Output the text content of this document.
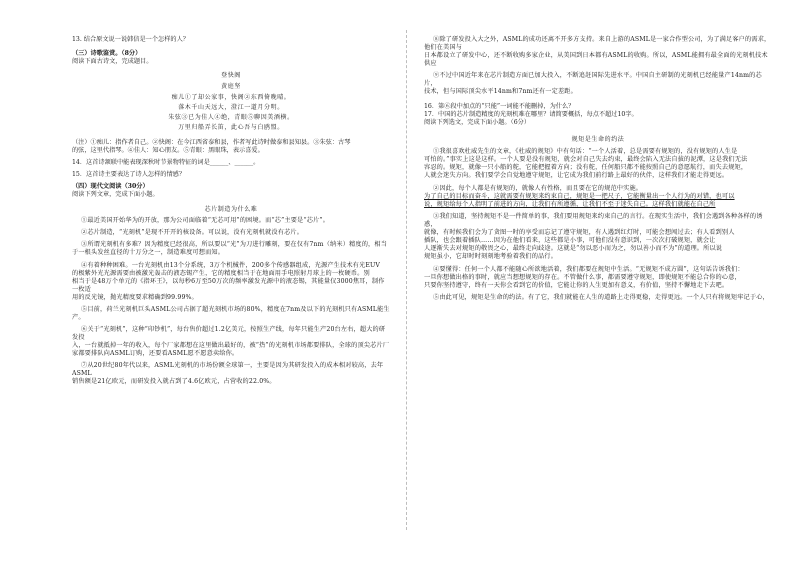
13. 结合原文说一说韩信是一个怎样的人？

（三）诗歌鉴赏。（8分）

阅读下面古诗文，完成题目。

登快阁

黄庭坚

痴儿①了却公家事，快阁②东西倚晚晴。

落木千山天远大，澄江一道月分明。

朱弦③已为佳人④绝，青眼⑤聊因美酒横。

万里归船弄长笛，此心吾与白鸥盟。

（注）①痴儿：指作者自己。②快阁：在今江西省泰和县，作者写此诗时做泰和县知县。③朱弦：古琴

的弦，这里代指琴。④佳人：知心朋友。⑤青眼：黑眼珠，表示喜爱。

14．这首诗颔联中能表现深秋时节景物特征的词是______、______。

15．这首诗主要表达了诗人怎样的情感？

（四）现代文阅读（30分）

阅读下列文章，完成下面小题。

芯片制造为什么难

①最近美国开始华为的开放，那为公司面临着“无芯可用”的困境。而“芯”主要是“芯片”。

②芯片制造，“光刻机”是现不开开的核设备。可以说，没有光刻机就没有芯片。

③所谓光刻机有多难？因为精度已经很高，所以要以“光”为刀进行雕刻，要在仅有7nm（纳米）精度的，相当

于一根头发丝直径的十万分之一，制造难度可想而知。

④有着种种困难。一台光刻机由13个分系统，3万个机械件，200多个传感器组成，光源产生技术有光EUV

的极紫外光光源需要由被激光轰击的液态锡产生，它的精度相当于在地面用手电照射月球上的一枚硬币。别

相当于是48万个单元的《指环王》，以每秒6万至50万次的频率激发光源中的液态锡，其能量仅3000焦耳，制作一枚适

用的反光镜，抛光精度要求精确到99.99%。

⑤目前，荷兰光刻机巨头ASML公司占据了超光刻机市场的80%，精度在7nm及以下的光刻机只有ASML能生产。

⑥关于“光刻机”，这种“印钞机”，每台售价超过1.2亿美元，按照生产线，每年只能生产20台左右，超大的研发投

入，一台就抵掉一年的收入，每个厂家都想在这里做出最好的，被“热”的光刻机市场都要排队，全球的顶尖芯片厂

家都要排队向ASML订购，还要看ASML愿不愿意卖给你。

⑦从20世纪80年代以来，ASML光刻机的市场份额全球第一，主要是因为其研发投入的成本相对较高，去年ASML

销售额是21亿欧元，而研发投入就占到了4.6亿欧元，占营收的22.0%。

⑧除了研发投入大之外，ASML的成功还离不开多方支持。来自上游的ASML是一家合作型公司，为了满足客户的需求，他们在美国与

日本都设立了研发中心，还不断收购多家企业，从美国到日本都有ASML的收购。所以，ASML能拥有最全面的光刻机技术供应

⑨不过中国近年来在芯片制造方面已加大投入，不断追赶国际先进水平。中国自主研制的光刻机已经能量产14nm的芯片，

技术，但与国际顶尖水平14nm和7nm还有一定差距。

16．第⑥段中加点的“只能”一词能不能删掉，为什么？

17．中国的芯片制造精度的光刻机难在哪里？请简要概括，每点不超过10字。

阅读下列选文，完成下面小题。（6分）

规矩是生命的约法

①我很喜欢杜威先生的文章，《杜威的规矩》中有句话：“一个人活着，总是需要有规矩的，没有规矩的人生是

可怕的。”事实上这是这样。一个人要是没有规矩，就会对自己失去约束，最终会陷入无法自拔的泥潭，这是我们无法

容忍的。规矩，就像一只小船的舵，它能把握着方向；没有舵，任何船只都不能按照自己的意愿航行，而失去规矩，

人就会迷失方向。我们要学会自觉地遵守规矩，让它成为我们前行路上最好的伙伴，这样我们才能走得更远。

②因此，每个人都是有规矩的，就像人有性格，而且要在它的规范中实施。

为了自己的目标而奋斗，这就需要有规矩来约束自己，规矩是一把尺子，它能衡量出一个人行为的对错，也可以

说，规矩给每个人指明了前进的方向，让我们有所遵循，让我们不至于迷失自己。这样我们就能在自己所

③我们知道，坚持规矩不是一件简单的事，我们要用规矩来约束自己的言行。在现实生活中，我们会遇到各种各样的诱惑，

就像，有时候我们会为了贪图一时的享受而忘记了遵守规矩，有人遇到红灯时，可能会想闯过去；有人看到别人

插队，也会跟着插队……因为在他们看来，这些都是小事，可他们没有意识到，一次次打破规矩，就会让

人逐渐失去对规矩的敬畏之心，最终走向歧途。这就是“勿以恶小而为之，勿以善小而不为”的道理。所以说

规矩虽小，它却时时刻刻地考验着我们的品行。

④要懂得：任何一个人都不能随心所欲地活着，我们都要在规矩中生活。“无规矩不成方圆”，这句话告诉我们：

一旦你想做出格的事时，就应当想想规矩的存在。不管做什么事，都需要遵守规矩，即使规矩不能总合你的心意，

只要你坚持遵守，终有一天你会看到它的价值，它能让你的人生更加有意义，有价值，坚持不懈地走下去吧。

⑤由此可见，规矩是生命的约法。有了它，我们就能在人生的道路上走得更稳，走得更远。一个人只有将规矩牢记于心，
